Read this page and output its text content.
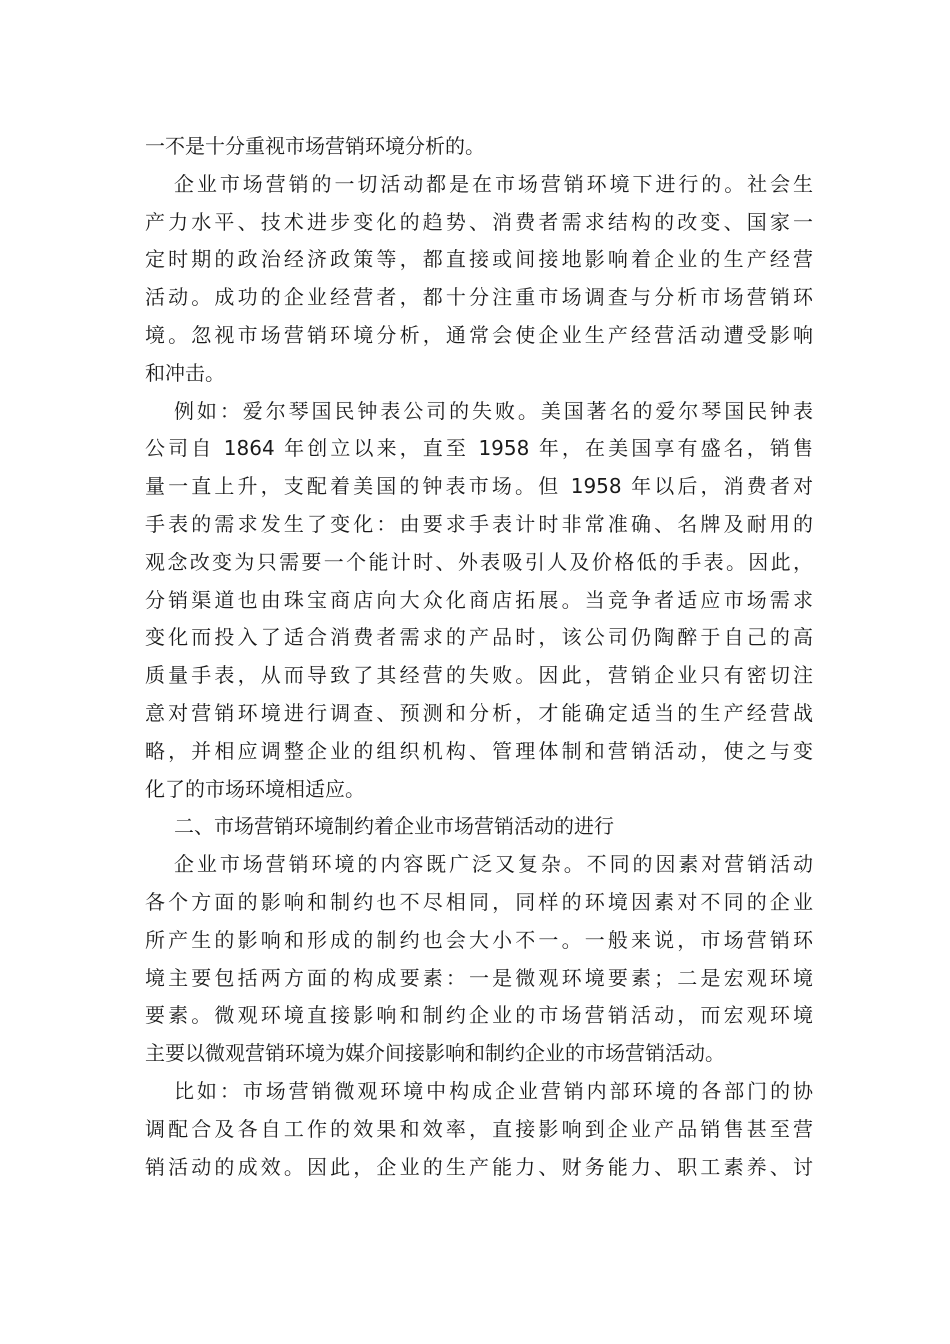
一不是十分重视市场营销环境分析的。
企业市场营销的一切活动都是在市场营销环境下进行的。社会生
产力水平、技术进步变化的趋势、消费者需求结构的改变、国家一
定时期的政治经济政策等，都直接或间接地影响着企业的生产经营
活动。成功的企业经营者，都十分注重市场调查与分析市场营销环
境。忽视市场营销环境分析，通常会使企业生产经营活动遭受影响
和冲击。
例如：爱尔琴国民钟表公司的失败。美国著名的爱尔琴国民钟表
公司自 1864 年创立以来，直至 1958 年，在美国享有盛名，销售
量一直上升，支配着美国的钟表市场。但 1958 年以后，消费者对
手表的需求发生了变化：由要求手表计时非常准确、名牌及耐用的
观念改变为只需要一个能计时、外表吸引人及价格低的手表。因此，
分销渠道也由珠宝商店向大众化商店拓展。当竞争者适应市场需求
变化而投入了适合消费者需求的产品时，该公司仍陶醉于自己的高
质量手表，从而导致了其经营的失败。因此，营销企业只有密切注
意对营销环境进行调查、预测和分析，才能确定适当的生产经营战
略，并相应调整企业的组织机构、管理体制和营销活动，使之与变
化了的市场环境相适应。
二、市场营销环境制约着企业市场营销活动的进行
企业市场营销环境的内容既广泛又复杂。不同的因素对营销活动
各个方面的影响和制约也不尽相同，同样的环境因素对不同的企业
所产生的影响和形成的制约也会大小不一。一般来说，市场营销环
境主要包括两方面的构成要素：一是微观环境要素；二是宏观环境
要素。微观环境直接影响和制约企业的市场营销活动，而宏观环境
主要以微观营销环境为媒介间接影响和制约企业的市场营销活动。
比如：市场营销微观环境中构成企业营销内部环境的各部门的协
调配合及各自工作的效果和效率，直接影响到企业产品销售甚至营
销活动的成效。因此，企业的生产能力、财务能力、职工素养、讨
